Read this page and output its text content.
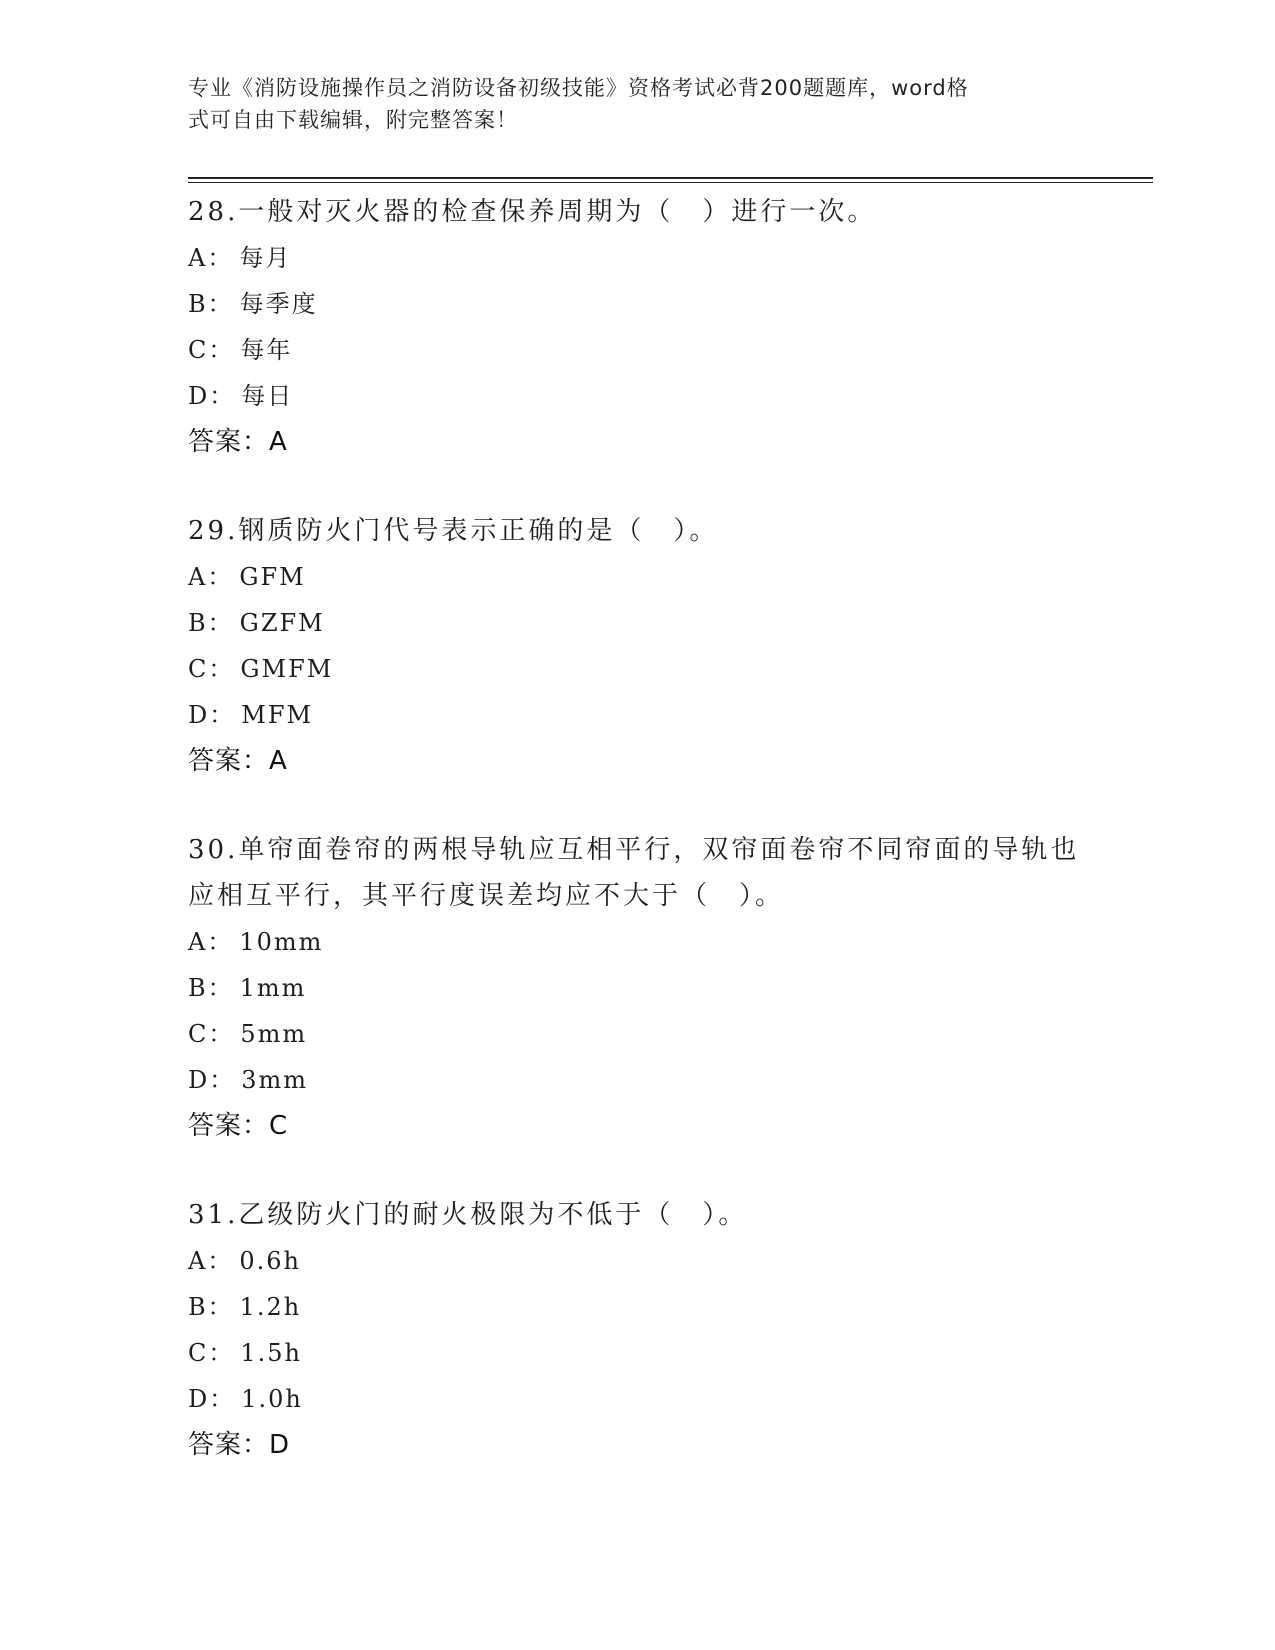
专业《消防设施操作员之消防设备初级技能》资格考试必背200题题库，word格
式可自由下载编辑，附完整答案！

28.一般对灭火器的检查保养周期为（　）进行一次。

A： 每月

B： 每季度

C： 每年

D： 每日

答案：A

29.钢质防火门代号表示正确的是（　）。

A： GFM

B： GZFM

C： GMFM

D： MFM

答案：A

30.单帘面卷帘的两根导轨应互相平行，双帘面卷帘不同帘面的导轨也

应相互平行，其平行度误差均应不大于（　）。

A： 10mm

B： 1mm

C： 5mm

D： 3mm

答案：C

31.乙级防火门的耐火极限为不低于（　）。

A： 0.6h

B： 1.2h

C： 1.5h

D： 1.0h

答案：D
